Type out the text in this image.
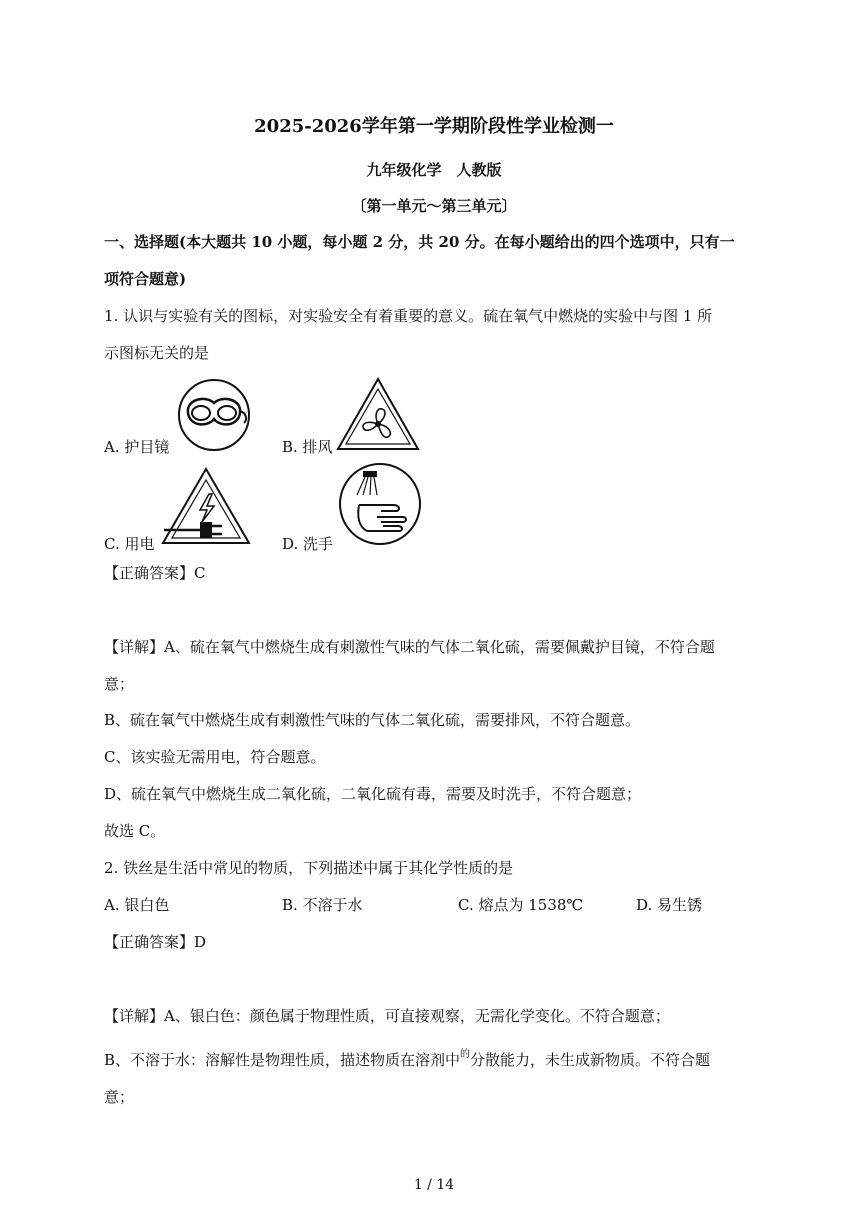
2025-2026学年第一学期阶段性学业检测一
九年级化学　人教版
〔第一单元～第三单元〕
一、选择题(本大题共 10 小题，每小题 2 分，共 20 分。在每小题给出的四个选项中，只有一
项符合题意)
1. 认识与实验有关的图标，对实验安全有着重要的意义。硫在氧气中燃烧的实验中与图 1 所
示图标无关的是
A. 护目镜	B. 排风
C. 用电	D. 洗手
【正确答案】C
【详解】A、硫在氧气中燃烧生成有刺激性气味的气体二氧化硫，需要佩戴护目镜，不符合题
意；
B、硫在氧气中燃烧生成有刺激性气味的气体二氧化硫，需要排风，不符合题意。
C、该实验无需用电，符合题意。
D、硫在氧气中燃烧生成二氧化硫，二氧化硫有毒，需要及时洗手，不符合题意；
故选 C。
2. 铁丝是生活中常见的物质，下列描述中属于其化学性质的是
A. 银白色	B. 不溶于水	C. 熔点为 1538℃	D. 易生锈
【正确答案】D
【详解】A、银白色：颜色属于物理性质，可直接观察，无需化学变化。不符合题意；
B、不溶于水：溶解性是物理性质，描述物质在溶剂中$^的$分散能力，未生成新物质。不符合题
意；
1 / 14
